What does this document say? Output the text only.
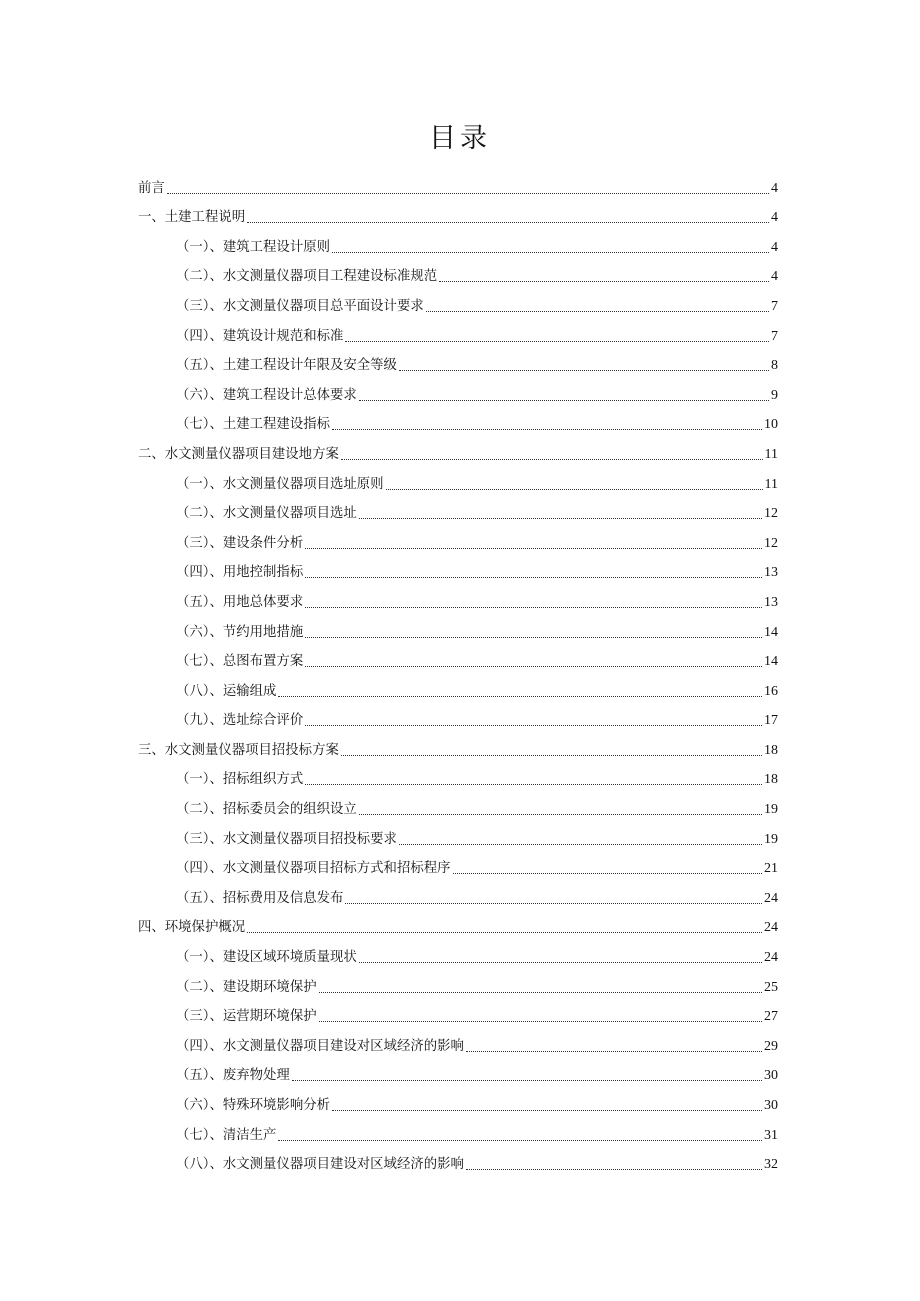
目录
前言	4
一、土建工程说明	4
（一）、建筑工程设计原则	4
（二）、水文测量仪器项目工程建设标准规范	4
（三）、水文测量仪器项目总平面设计要求	7
（四）、建筑设计规范和标准	7
（五）、土建工程设计年限及安全等级	8
（六）、建筑工程设计总体要求	9
（七）、土建工程建设指标	10
二、水文测量仪器项目建设地方案	11
（一）、水文测量仪器项目选址原则	11
（二）、水文测量仪器项目选址	12
（三）、建设条件分析	12
（四）、用地控制指标	13
（五）、用地总体要求	13
（六）、节约用地措施	14
（七）、总图布置方案	14
（八）、运输组成	16
（九）、选址综合评价	17
三、水文测量仪器项目招投标方案	18
（一）、招标组织方式	18
（二）、招标委员会的组织设立	19
（三）、水文测量仪器项目招投标要求	19
（四）、水文测量仪器项目招标方式和招标程序	21
（五）、招标费用及信息发布	24
四、环境保护概况	24
（一）、建设区域环境质量现状	24
（二）、建设期环境保护	25
（三）、运营期环境保护	27
（四）、水文测量仪器项目建设对区域经济的影响	29
（五）、废弃物处理	30
（六）、特殊环境影响分析	30
（七）、清洁生产	31
（八）、水文测量仪器项目建设对区域经济的影响	32
